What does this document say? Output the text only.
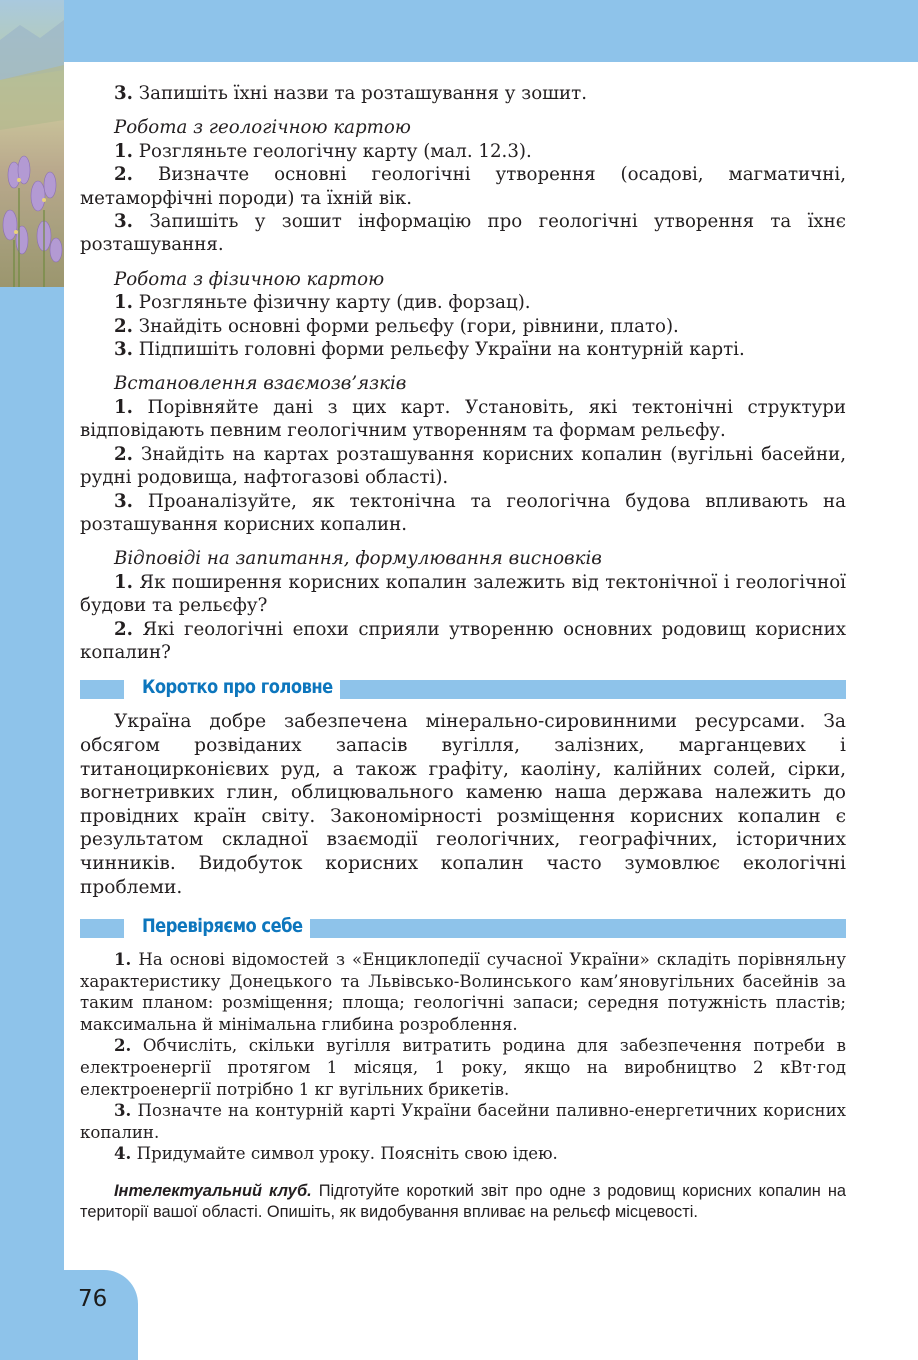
76

3. Запишіть їхні назви та розташування у зошит.

Робота з геологічною картою

1. Розгляньте геологічну карту (мал. 12.3).

2. Визначте основні геологічні утворення (осадові, магматичні, метаморфічні породи) та їхній вік.

3. Запишіть у зошит інформацію про геологічні утворення та їхнє розташування.

Робота з фізичною картою

1. Розгляньте фізичну карту (див. форзац).

2. Знайдіть основні форми рельєфу (гори, рівнини, плато).

3. Підпишіть головні форми рельєфу України на контурній карті.

Встановлення взаємозв’язків

1. Порівняйте дані з цих карт. Установіть, які тектонічні структури відповідають певним геологічним утворенням та формам рельєфу.

2. Знайдіть на картах розташування корисних копалин (вугільні басейни, рудні родовища, нафтогазові області).

3. Проаналізуйте, як тектонічна та геологічна будова впливають на розташування корисних копалин.

Відповіді на запитання, формулювання висновків

1. Як поширення корисних копалин залежить від тектонічної і геологічної будови та рельєфу?

2. Які геологічні епохи сприяли утворенню основних родовищ корисних копалин?

Коротко про головне

Україна добре забезпечена мінерально-сировинними ресурсами. За обсягом розвіданих запасів вугілля, залізних, марганцевих і титаноцирконієвих руд, а також графіту, каоліну, калійних солей, сірки, вогнетривких глин, облицювального каменю наша держава належить до провідних країн світу. Закономірності розміщення корисних копалин є результатом складної взаємодії геологічних, географічних, історичних чинників. Видобуток корисних копалин часто зумовлює екологічні проблеми.

Перевіряємо себе

1. На основі відомостей з «Енциклопедії сучасної України» складіть порівняльну характеристику Донецького та Львівсько-Волинського кам’яновугільних басейнів за таким планом: розміщення; площа; геологічні запаси; середня потужність пластів; максимальна й мінімальна глибина розроблення.

2. Обчисліть, скільки вугілля витратить родина для забезпечення потреби в електроенергії протягом 1 місяця, 1 року, якщо на виробництво 2 кВт·год електроенергії потрібно 1 кг вугільних брикетів.

3. Позначте на контурній карті України басейни паливно-енергетичних корисних копалин.

4. Придумайте символ уроку. Поясніть свою ідею.

Інтелектуальний клуб. Підготуйте короткий звіт про одне з родовищ корисних копалин на території вашої області. Опишіть, як видобування впливає на рельєф місцевості.
